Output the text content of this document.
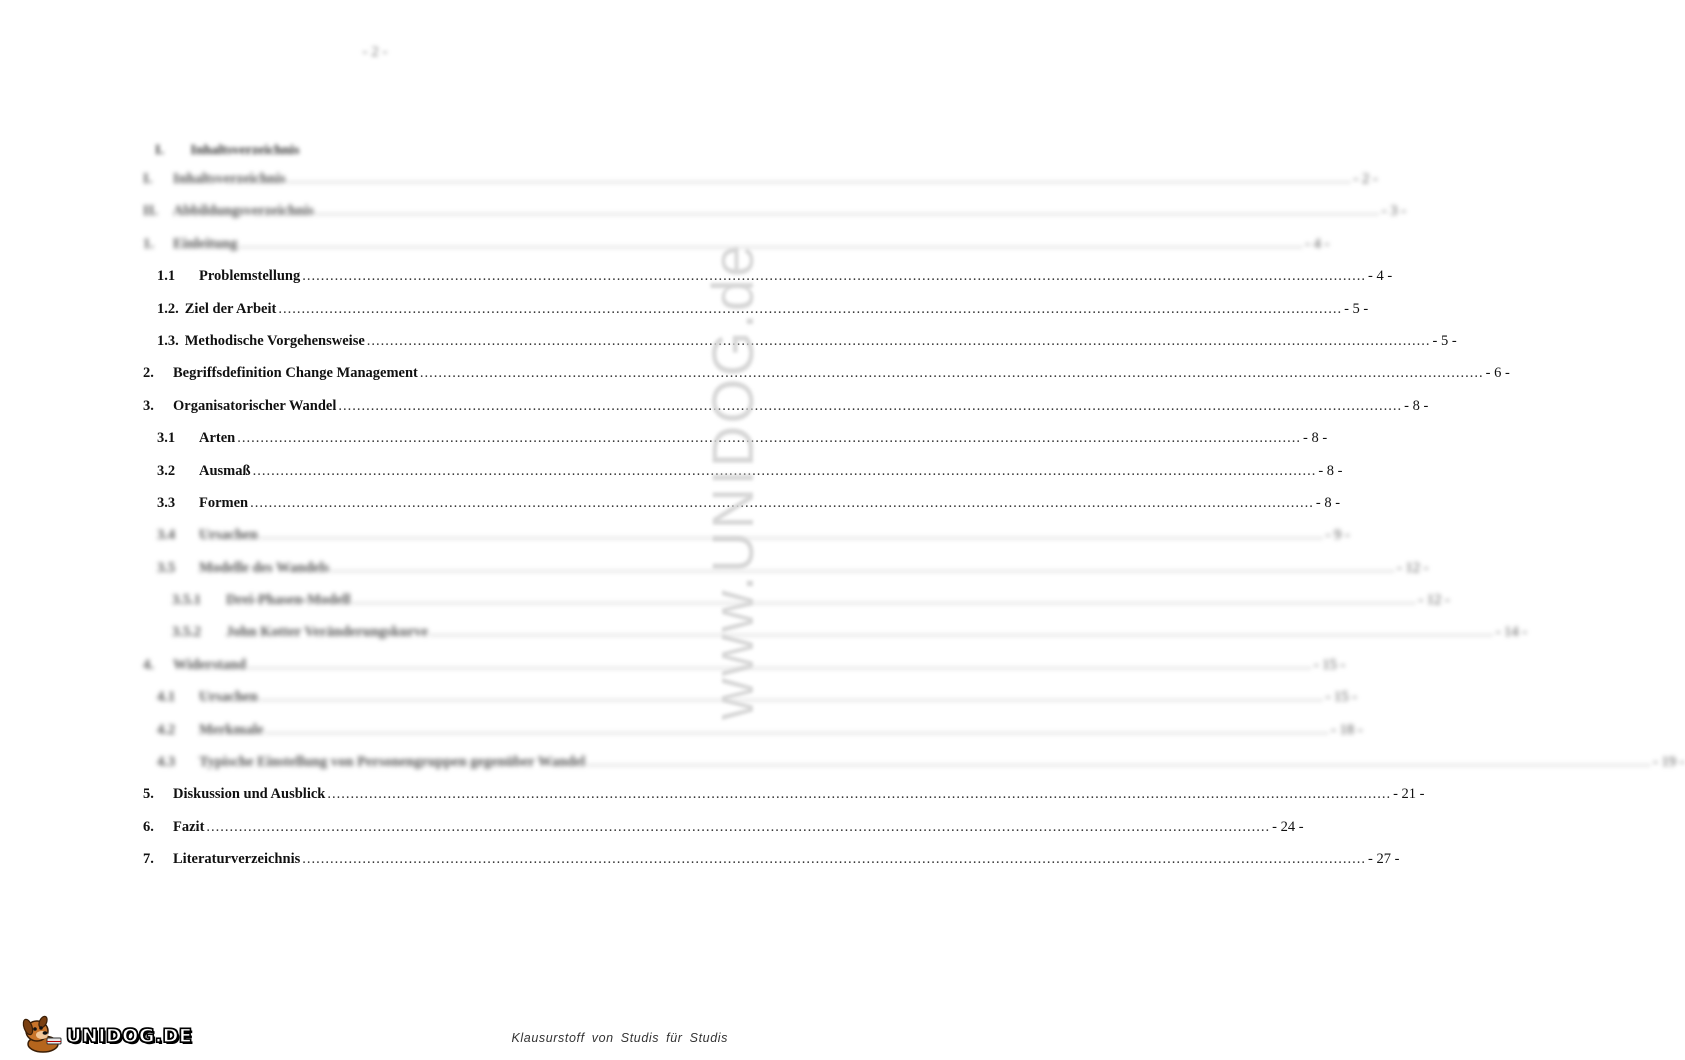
- 2 -
I. Inhaltsverzeichnis
I.	Inhaltsverzeichnis .....	- 2 -
II.	Abbildungsverzeichnis .....	- 3 -
1.	Einleitung .....	- 4 -
1.1	Problemstellung .....	- 4 -
1.2. Ziel der Arbeit .....	- 5 -
1.3. Methodische Vorgehensweise .....	- 5 -
2.	Begriffsdefinition Change Management .....	- 6 -
3.	Organisatorischer Wandel .....	- 8 -
3.1	Arten .....	- 8 -
3.2	Ausmaß .....	- 8 -
3.3	Formen .....	- 8 -
3.4	Ursachen .....	- 9 -
3.5	Modelle des Wandels .....	- 12 -
3.5.1	Drei-Phasen-Modell .....	- 12 -
3.5.2	John Kotter Veränderungskurve .....	- 14 -
4.	Widerstand .....	- 15 -
4.1	Ursachen .....	- 15 -
4.2	Merkmale .....	- 18 -
4.3	Typische Einstellung von Personengruppen gegenüber Wandel .....	- 19 -
5.	Diskussion und Ausblick .....	- 21 -
6.	Fazit .....	- 24 -
7.	Literaturverzeichnis .....	- 27 -
www.UNIDOG.de
UNIDOG.DE	Klausurstoff von Studis für Studis
